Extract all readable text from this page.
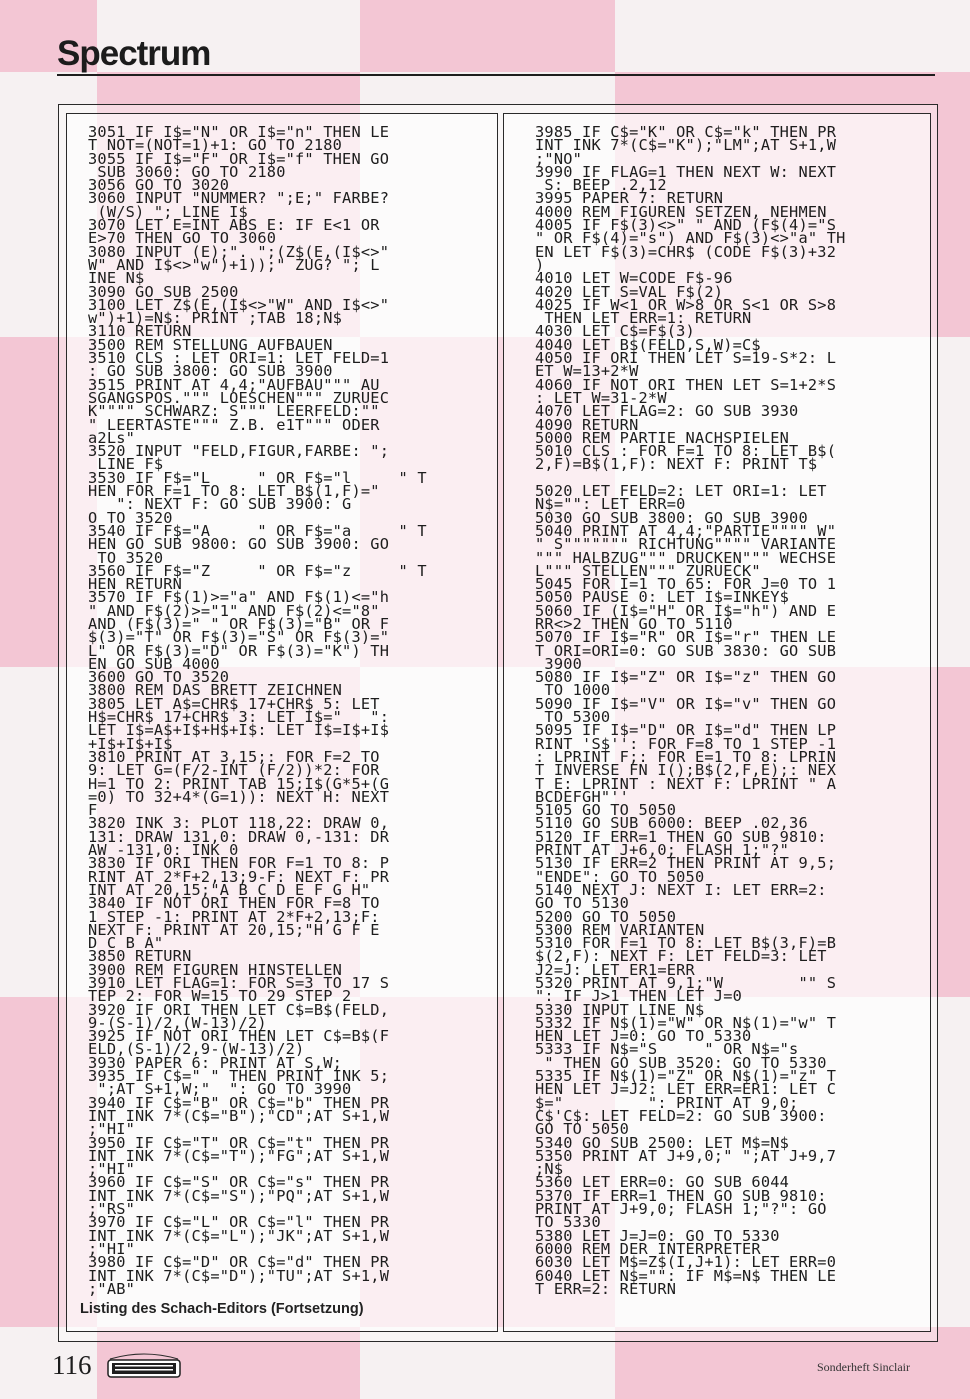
Spectrum
3051 IF I$="N" OR I$="n" THEN LE
T NOT=(NOT=1)+1: GO TO 2180
3055 IF I$="F" OR I$="f" THEN GO
SUB 3060: GO TO 2180
3056 GO TO 3020
3060 INPUT "NUMMER? ";E;" FARBE?
(W/S) "; LINE I$
3070 LET E=INT ABS E: IF E<1 OR
E>70 THEN GO TO 3060
3080 INPUT (E);". ";(Z$(E,(I$<>"
W" AND I$<>"w")+1));" ZUG? "; L
INE N$
3090 GO SUB 2500
3100 LET Z$(E,(I$<>"W" AND I$<>"
w")+1)=N$: PRINT ;TAB 18;N$
3110 RETURN
3500 REM STELLUNG AUFBAUEN
3510 CLS : LET ORI=1: LET FELD=1
: GO SUB 3800: GO SUB 3900
3515 PRINT AT 4,4;"AUFBAU""" AU
SGANGSPOS.""" LOESCHEN""" ZURUEC
K"""" SCHWARZ: S""" LEERFELD:""
" LEERTASTE""" Z.B. e1T""" ODER
a2Ls"
3520 INPUT "FELD,FIGUR,FARBE: ";
LINE F$
3530 IF F$="L     " OR F$="l     " T
HEN FOR F=1 TO 8: LET B$(1,F)="
": NEXT F: GO SUB 3900: G
O TO 3520
3540 IF F$="A     " OR F$="a     " T
HEN GO SUB 9800: GO SUB 3900: GO
TO 3520
3560 IF F$="Z     " OR F$="z     " T
HEN RETURN
3570 IF F$(1)>="a" AND F$(1)<="h
" AND F$(2)>="1" AND F$(2)<="8"
AND (F$(3)=" " OR F$(3)="B" OR F
$(3)="T" OR F$(3)="S" OR F$(3)="
L" OR F$(3)="D" OR F$(3)="K") TH
EN GO SUB 4000
3600 GO TO 3520
3800 REM DAS BRETT ZEICHNEN
3805 LET A$=CHR$ 17+CHR$ 5: LET
H$=CHR$ 17+CHR$ 3: LET I$="   ":
LET I$=A$+I$+H$+I$: LET I$=I$+I$
+I$+I$+I$
3810 PRINT AT 3,15;: FOR F=2 TO
9: LET G=(F/2-INT (F/2))*2: FOR
H=1 TO 2: PRINT TAB 15;I$(G*5+(G
=0) TO 32+4*(G=1)): NEXT H: NEXT
F
3820 INK 3: PLOT 118,22: DRAW 0,
131: DRAW 131,0: DRAW 0,-131: DR
AW -131,0: INK 0
3830 IF ORI THEN FOR F=1 TO 8: P
RINT AT 2*F+2,13;9-F: NEXT F: PR
INT AT 20,15;"A B C D E F G H"
3840 IF NOT ORI THEN FOR F=8 TO
1 STEP -1: PRINT AT 2*F+2,13;F:
NEXT F: PRINT AT 20,15;"H G F E
D C B A"
3850 RETURN
3900 REM FIGUREN HINSTELLEN
3910 LET FLAG=1: FOR S=3 TO 17 S
TEP 2: FOR W=15 TO 29 STEP 2
3920 IF ORI THEN LET C$=B$(FELD,
9-(S-1)/2,(W-13)/2)
3925 IF NOT ORI THEN LET C$=B$(F
ELD,(S-1)/2,9-(W-13)/2)
3930 PAPER 6: PRINT AT S,W;
3935 IF C$=" " THEN PRINT INK 5;
";AT S+1,W;"  ": GO TO 3990
3940 IF C$="B" OR C$="b" THEN PR
INT INK 7*(C$="B");"CD";AT S+1,W
;"HI"
3950 IF C$="T" OR C$="t" THEN PR
INT INK 7*(C$="T");"FG";AT S+1,W
;"HI"
3960 IF C$="S" OR C$="s" THEN PR
INT INK 7*(C$="S");"PQ";AT S+1,W
;"RS"
3970 IF C$="L" OR C$="l" THEN PR
INT INK 7*(C$="L");"JK";AT S+1,W
;"HI"
3980 IF C$="D" OR C$="d" THEN PR
INT INK 7*(C$="D");"TU";AT S+1,W
;"AB"
3985 IF C$="K" OR C$="k" THEN PR
INT INK 7*(C$="K");"LM";AT S+1,W
;"NO"
3990 IF FLAG=1 THEN NEXT W: NEXT
S: BEEP .2,12
3995 PAPER 7: RETURN
4000 REM FIGUREN SETZEN, NEHMEN
4005 IF F$(3)<>" " AND (F$(4)="S
" OR F$(4)="s") AND F$(3)<>"a" TH
EN LET F$(3)=CHR$ (CODE F$(3)+32
)
4010 LET W=CODE F$-96
4020 LET S=VAL F$(2)
4025 IF W<1 OR W>8 OR S<1 OR S>8
THEN LET ERR=1: RETURN
4030 LET C$=F$(3)
4040 LET B$(FELD,S,W)=C$
4050 IF ORI THEN LET S=19-S*2: L
ET W=13+2*W
4060 IF NOT ORI THEN LET S=1+2*S
: LET W=31-2*W
4070 LET FLAG=2: GO SUB 3930
4090 RETURN
5000 REM PARTIE NACHSPIELEN
5010 CLS : FOR F=1 TO 8: LET B$(
2,F)=B$(1,F): NEXT F: PRINT T$

5020 LET FELD=2: LET ORI=1: LET
N$="": LET ERR=0
5030 GO SUB 3800: GO SUB 3900
5040 PRINT AT 4,4;"PARTIE"""" W"
" S""""""" RICHTUNG"""" VARIANTE
""" HALBZUG""" DRUCKEN""" WECHSE
L""" STELLEN""" ZURUECK"
5045 FOR I=1 TO 65: FOR J=0 TO 1
5050 PAUSE 0: LET I$=INKEY$
5060 IF (I$="H" OR I$="h") AND E
RR<>2 THEN GO TO 5110
5070 IF I$="R" OR I$="r" THEN LE
T ORI=ORI=0: GO SUB 3830: GO SUB
3900
5080 IF I$="Z" OR I$="z" THEN GO
TO 1000
5090 IF I$="V" OR I$="v" THEN GO
TO 5300
5095 IF I$="D" OR I$="d" THEN LP
RINT 'S$'': FOR F=8 TO 1 STEP -1
: LPRINT F;: FOR E=1 TO 8: LPRIN
T INVERSE FN I();B$(2,F,E);: NEX
T E: LPRINT : NEXT F: LPRINT " A
BCDEFGH"''
5105 GO TO 5050
5110 GO SUB 6000: BEEP .02,36
5120 IF ERR=1 THEN GO SUB 9810:
PRINT AT J+6,0; FLASH 1;"?"
5130 IF ERR=2 THEN PRINT AT 9,5;
"ENDE": GO TO 5050
5140 NEXT J: NEXT I: LET ERR=2:
GO TO 5130
5200 GO TO 5050
5300 REM VARIANTEN
5310 FOR F=1 TO 8: LET B$(3,F)=B
$(2,F): NEXT F: LET FELD=3: LET
J2=J: LET ER1=ERR
5320 PRINT AT 9,1;"W        "" S
": IF J>1 THEN LET J=0
5330 INPUT LINE N$
5332 IF N$(1)="W" OR N$(1)="w" T
HEN LET J=0: GO TO 5330
5333 IF N$="S     " OR N$="s
" THEN GO SUB 3520: GO TO 5330
5335 IF N$(1)="Z" OR N$(1)="z" T
HEN LET J=J2: LET ERR=ER1: LET C
$="         ": PRINT AT 9,0;
C$'C$: LET FELD=2: GO SUB 3900:
GO TO 5050
5340 GO SUB 2500: LET M$=N$
5350 PRINT AT J+9,0;" ";AT J+9,7
;N$
5360 LET ERR=0: GO SUB 6044
5370 IF ERR=1 THEN GO SUB 9810:
PRINT AT J+9,0; FLASH 1;"?": GO
TO 5330
5380 LET J=J=0: GO TO 5330
6000 REM DER INTERPRETER
6030 LET M$=Z$(I,J+1): LET ERR=0
6040 LET N$="": IF M$=N$ THEN LE
T ERR=2: RETURN
Listing des Schach-Editors (Fortsetzung)
116	Sonderheft Sinclair
